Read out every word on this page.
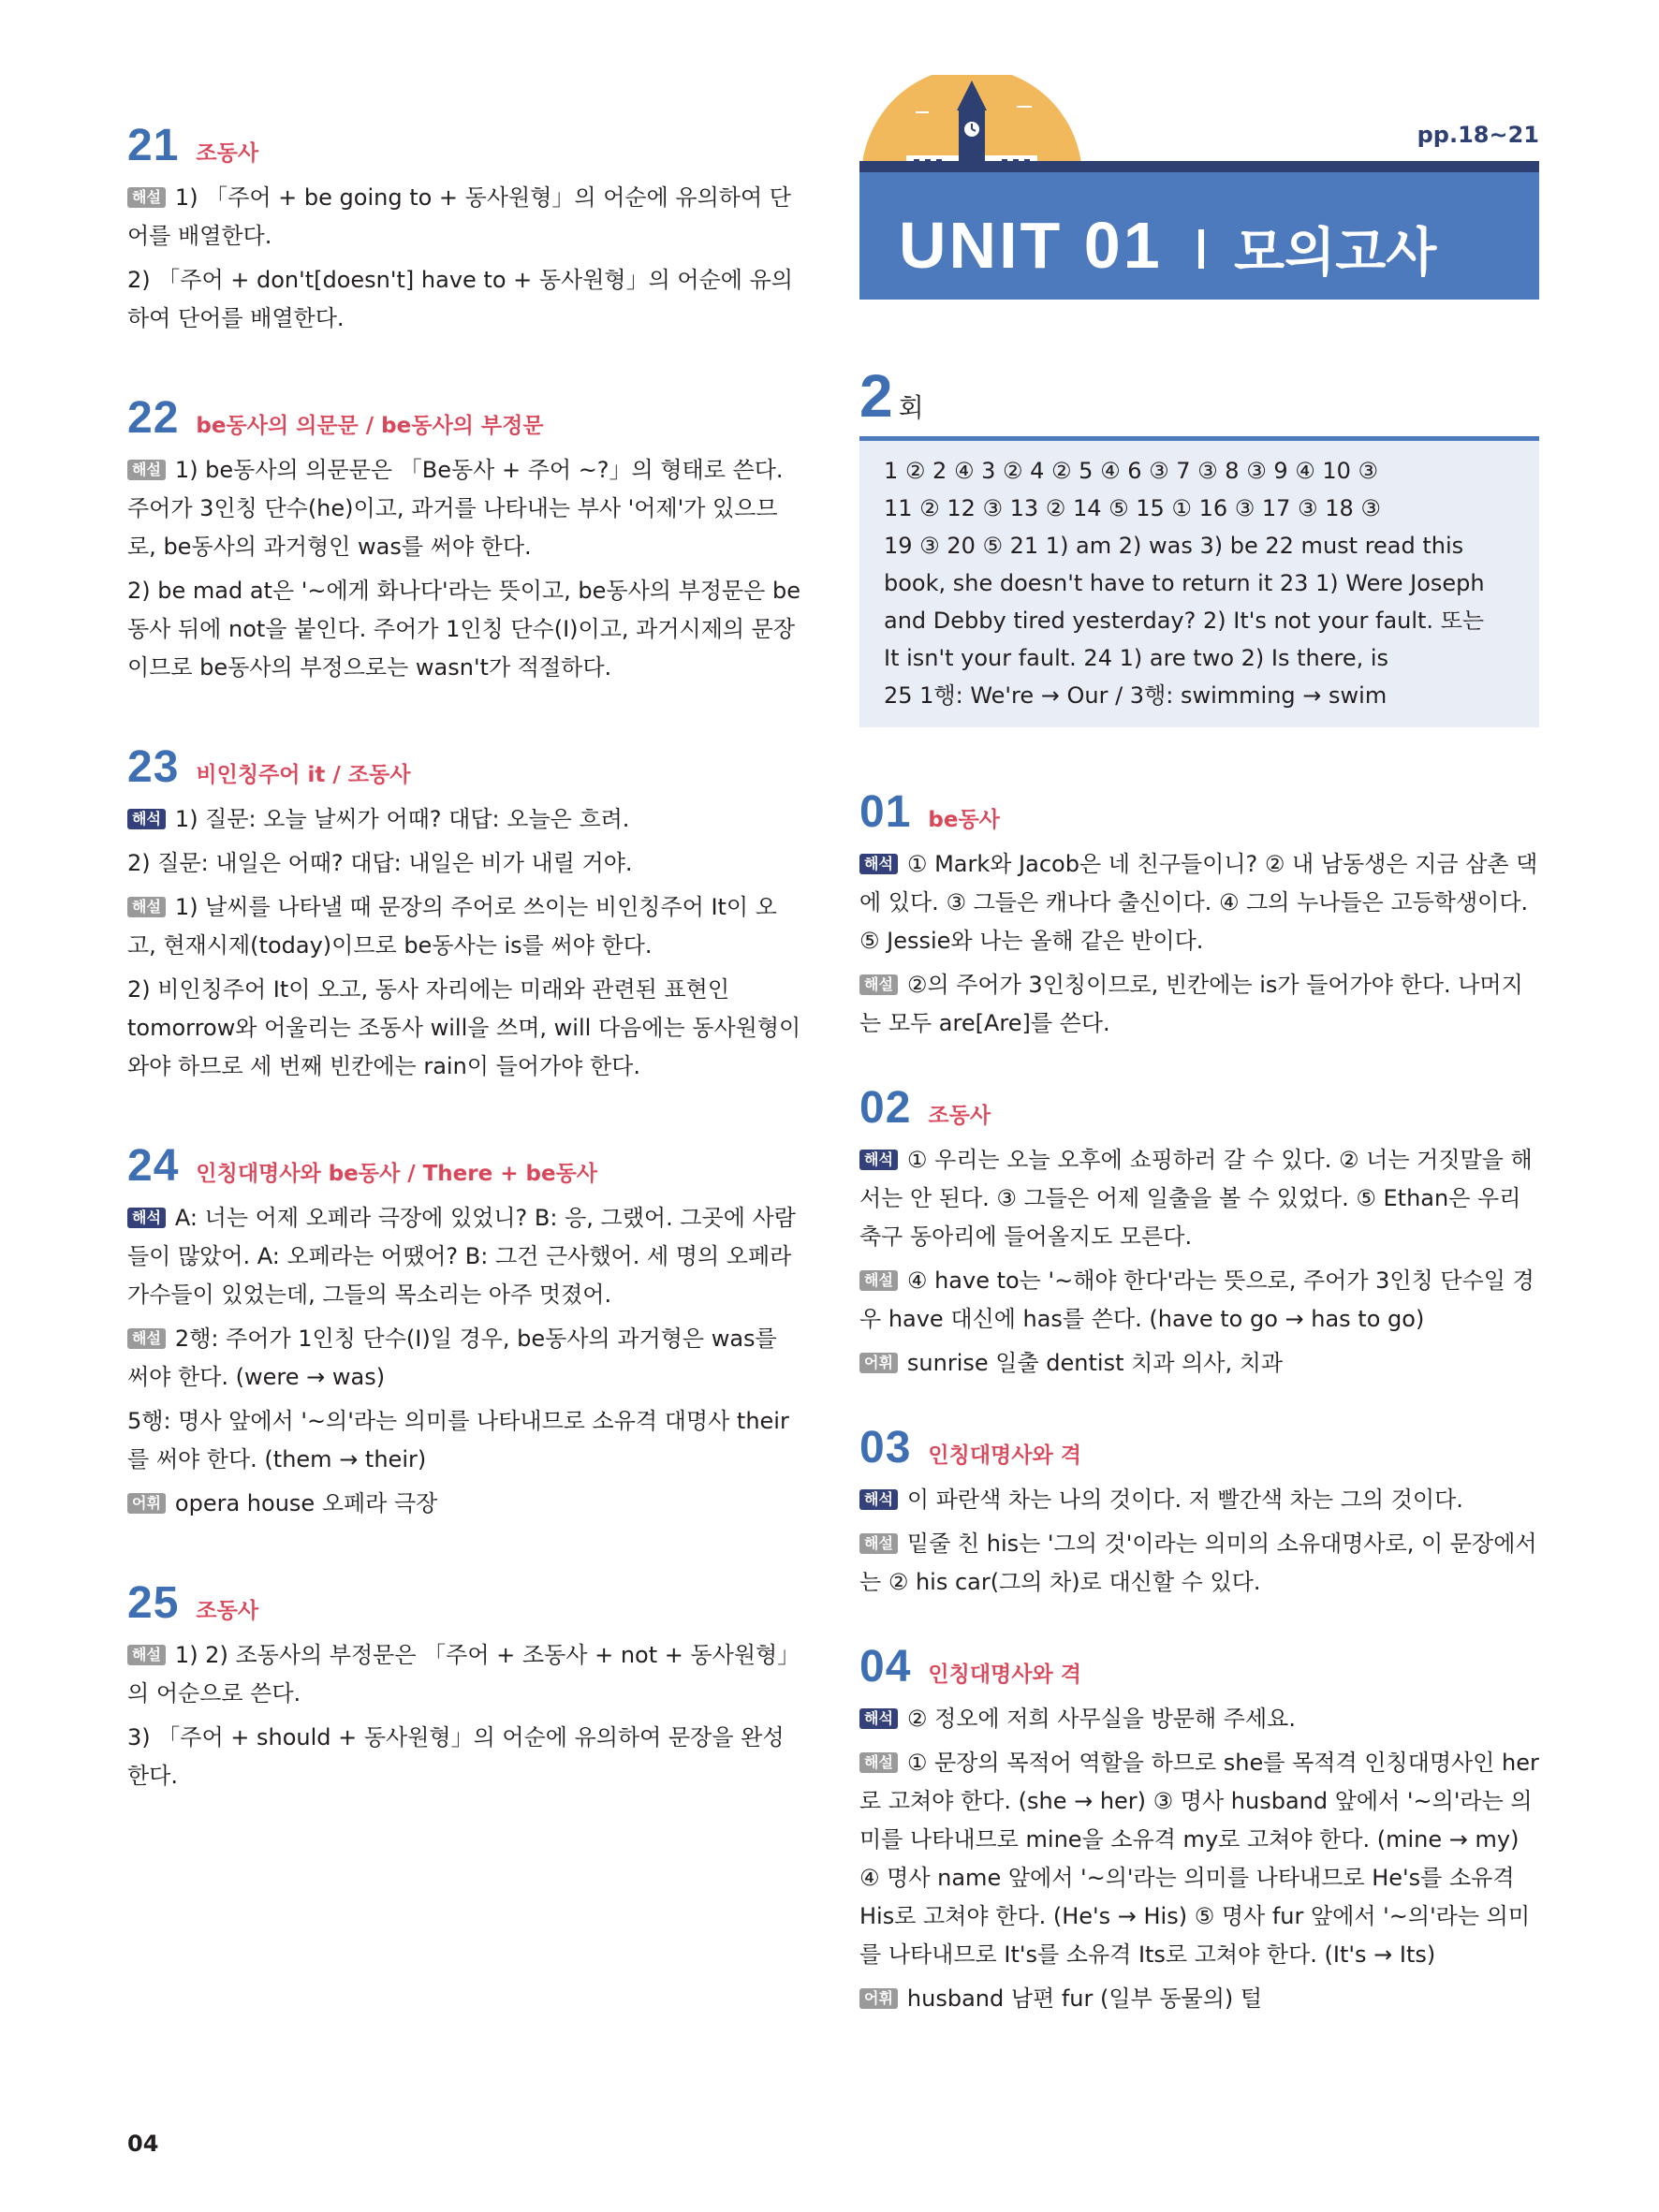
pp.18~21
UNIT 01 모의고사
2 회
1 ② 2 ④ 3 ② 4 ② 5 ④ 6 ③ 7 ③ 8 ③ 9 ④ 10 ③
11 ② 12 ③ 13 ② 14 ⑤ 15 ① 16 ③ 17 ③ 18 ③
19 ③ 20 ⑤ 21 1) am 2) was 3) be 22 must read this
book, she doesn't have to return it 23 1) Were Joseph
and Debby tired yesterday? 2) It's not your fault. 또는
It isn't your fault. 24 1) are two 2) Is there, is
25 1행: We're → Our / 3행: swimming → swim
21 조동사
해설 1) 「주어 + be going to + 동사원형」의 어순에 유의하여 단어를 배열한다.
2) 「주어 + don't[doesn't] have to + 동사원형」의 어순에 유의하여 단어를 배열한다.
22 be동사의 의문문 / be동사의 부정문
해설 1) be동사의 의문문은 「Be동사 + 주어 ~?」의 형태로 쓴다. 주어가 3인칭 단수(he)이고, 과거를 나타내는 부사 '어제'가 있으므로, be동사의 과거형인 was를 써야 한다.
2) be mad at은 '~에게 화나다'라는 뜻이고, be동사의 부정문은 be동사 뒤에 not을 붙인다. 주어가 1인칭 단수(I)이고, 과거시제의 문장이므로 be동사의 부정으로는 wasn't가 적절하다.
23 비인칭주어 it / 조동사
해석 1) 질문: 오늘 날씨가 어때? 대답: 오늘은 흐려.
2) 질문: 내일은 어때? 대답: 내일은 비가 내릴 거야.
해설 1) 날씨를 나타낼 때 문장의 주어로 쓰이는 비인칭주어 It이 오고, 현재시제(today)이므로 be동사는 is를 써야 한다.
2) 비인칭주어 It이 오고, 동사 자리에는 미래와 관련된 표현인 tomorrow와 어울리는 조동사 will을 쓰며, will 다음에는 동사원형이 와야 하므로 세 번째 빈칸에는 rain이 들어가야 한다.
24 인칭대명사와 be동사 / There + be동사
해석 A: 너는 어제 오페라 극장에 있었니? B: 응, 그랬어. 그곳에 사람들이 많았어. A: 오페라는 어땠어? B: 그건 근사했어. 세 명의 오페라 가수들이 있었는데, 그들의 목소리는 아주 멋졌어.
해설 2행: 주어가 1인칭 단수(I)일 경우, be동사의 과거형은 was를 써야 한다. (were → was)
5행: 명사 앞에서 '~의'라는 의미를 나타내므로 소유격 대명사 their를 써야 한다. (them → their)
어휘 opera house 오페라 극장
25 조동사
해설 1) 2) 조동사의 부정문은 「주어 + 조동사 + not + 동사원형」의 어순으로 쓴다.
3) 「주어 + should + 동사원형」의 어순에 유의하여 문장을 완성한다.
01 be동사
해석 ① Mark와 Jacob은 네 친구들이니? ② 내 남동생은 지금 삼촌 댁에 있다. ③ 그들은 캐나다 출신이다. ④ 그의 누나들은 고등학생이다. ⑤ Jessie와 나는 올해 같은 반이다.
해설 ②의 주어가 3인칭이므로, 빈칸에는 is가 들어가야 한다. 나머지는 모두 are[Are]를 쓴다.
02 조동사
해석 ① 우리는 오늘 오후에 쇼핑하러 갈 수 있다. ② 너는 거짓말을 해서는 안 된다. ③ 그들은 어제 일출을 볼 수 있었다. ⑤ Ethan은 우리 축구 동아리에 들어올지도 모른다.
해설 ④ have to는 '~해야 한다'라는 뜻으로, 주어가 3인칭 단수일 경우 have 대신에 has를 쓴다. (have to go → has to go)
어휘 sunrise 일출 dentist 치과 의사, 치과
03 인칭대명사와 격
해석 이 파란색 차는 나의 것이다. 저 빨간색 차는 그의 것이다.
해설 밑줄 친 his는 '그의 것'이라는 의미의 소유대명사로, 이 문장에서는 ② his car(그의 차)로 대신할 수 있다.
04 인칭대명사와 격
해석 ② 정오에 저희 사무실을 방문해 주세요.
해설 ① 문장의 목적어 역할을 하므로 she를 목적격 인칭대명사인 her로 고쳐야 한다. (she → her) ③ 명사 husband 앞에서 '~의'라는 의미를 나타내므로 mine을 소유격 my로 고쳐야 한다. (mine → my) ④ 명사 name 앞에서 '~의'라는 의미를 나타내므로 He's를 소유격 His로 고쳐야 한다. (He's → His) ⑤ 명사 fur 앞에서 '~의'라는 의미를 나타내므로 It's를 소유격 Its로 고쳐야 한다. (It's → Its)
어휘 husband 남편 fur (일부 동물의) 털
04
